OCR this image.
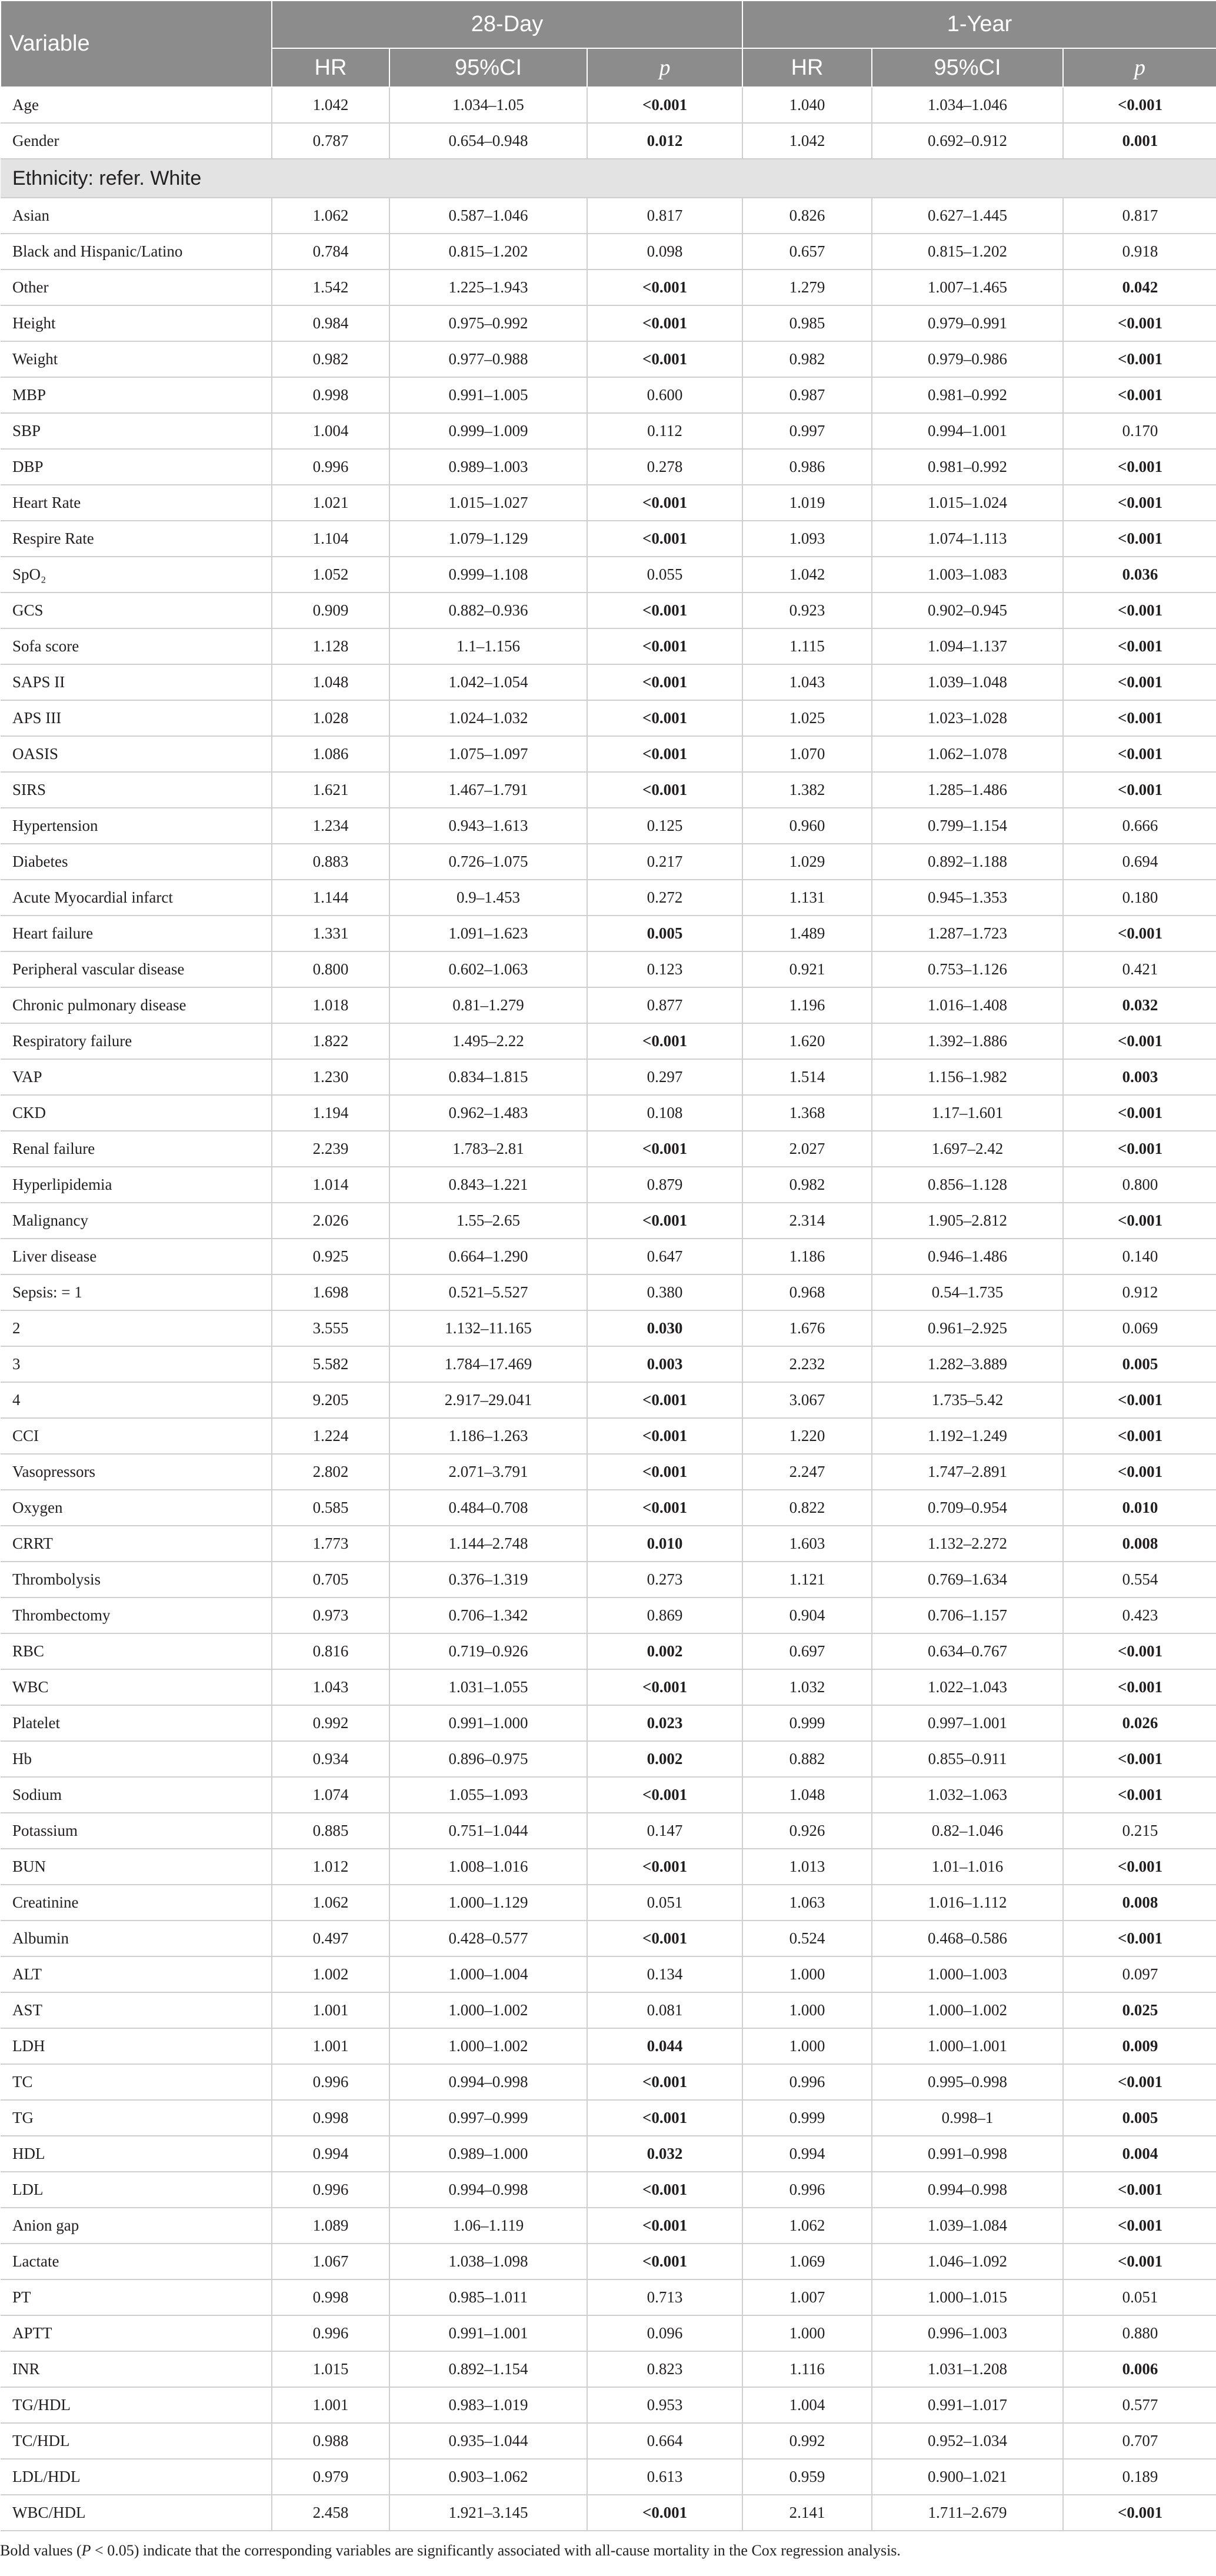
Variable	28-Day			1-Year		
	HR	95%CI	p	HR	95%CI	p
Age	1.042	1.034–1.05	<0.001	1.040	1.034–1.046	<0.001
Gender	0.787	0.654–0.948	0.012	1.042	0.692–0.912	0.001
Ethnicity: refer. White						
Asian	1.062	0.587–1.046	0.817	0.826	0.627–1.445	0.817
Black and Hispanic/Latino	0.784	0.815–1.202	0.098	0.657	0.815–1.202	0.918
Other	1.542	1.225–1.943	<0.001	1.279	1.007–1.465	0.042
Height	0.984	0.975–0.992	<0.001	0.985	0.979–0.991	<0.001
Weight	0.982	0.977–0.988	<0.001	0.982	0.979–0.986	<0.001
MBP	0.998	0.991–1.005	0.600	0.987	0.981–0.992	<0.001
SBP	1.004	0.999–1.009	0.112	0.997	0.994–1.001	0.170
DBP	0.996	0.989–1.003	0.278	0.986	0.981–0.992	<0.001
Heart Rate	1.021	1.015–1.027	<0.001	1.019	1.015–1.024	<0.001
Respire Rate	1.104	1.079–1.129	<0.001	1.093	1.074–1.113	<0.001
SpO₂	1.052	0.999–1.108	0.055	1.042	1.003–1.083	0.036
GCS	0.909	0.882–0.936	<0.001	0.923	0.902–0.945	<0.001
Sofa score	1.128	1.1–1.156	<0.001	1.115	1.094–1.137	<0.001
SAPS II	1.048	1.042–1.054	<0.001	1.043	1.039–1.048	<0.001
APS III	1.028	1.024–1.032	<0.001	1.025	1.023–1.028	<0.001
OASIS	1.086	1.075–1.097	<0.001	1.070	1.062–1.078	<0.001
SIRS	1.621	1.467–1.791	<0.001	1.382	1.285–1.486	<0.001
Hypertension	1.234	0.943–1.613	0.125	0.960	0.799–1.154	0.666
Diabetes	0.883	0.726–1.075	0.217	1.029	0.892–1.188	0.694
Acute Myocardial infarct	1.144	0.9–1.453	0.272	1.131	0.945–1.353	0.180
Heart failure	1.331	1.091–1.623	0.005	1.489	1.287–1.723	<0.001
Peripheral vascular disease	0.800	0.602–1.063	0.123	0.921	0.753–1.126	0.421
Chronic pulmonary disease	1.018	0.81–1.279	0.877	1.196	1.016–1.408	0.032
Respiratory failure	1.822	1.495–2.22	<0.001	1.620	1.392–1.886	<0.001
VAP	1.230	0.834–1.815	0.297	1.514	1.156–1.982	0.003
CKD	1.194	0.962–1.483	0.108	1.368	1.17–1.601	<0.001
Renal failure	2.239	1.783–2.81	<0.001	2.027	1.697–2.42	<0.001
Hyperlipidemia	1.014	0.843–1.221	0.879	0.982	0.856–1.128	0.800
Malignancy	2.026	1.55–2.65	<0.001	2.314	1.905–2.812	<0.001
Liver disease	0.925	0.664–1.290	0.647	1.186	0.946–1.486	0.140
Sepsis: = 1	1.698	0.521–5.527	0.380	0.968	0.54–1.735	0.912
2	3.555	1.132–11.165	0.030	1.676	0.961–2.925	0.069
3	5.582	1.784–17.469	0.003	2.232	1.282–3.889	0.005
4	9.205	2.917–29.041	<0.001	3.067	1.735–5.42	<0.001
CCI	1.224	1.186–1.263	<0.001	1.220	1.192–1.249	<0.001
Vasopressors	2.802	2.071–3.791	<0.001	2.247	1.747–2.891	<0.001
Oxygen	0.585	0.484–0.708	<0.001	0.822	0.709–0.954	0.010
CRRT	1.773	1.144–2.748	0.010	1.603	1.132–2.272	0.008
Thrombolysis	0.705	0.376–1.319	0.273	1.121	0.769–1.634	0.554
Thrombectomy	0.973	0.706–1.342	0.869	0.904	0.706–1.157	0.423
RBC	0.816	0.719–0.926	0.002	0.697	0.634–0.767	<0.001
WBC	1.043	1.031–1.055	<0.001	1.032	1.022–1.043	<0.001
Platelet	0.992	0.991–1.000	0.023	0.999	0.997–1.001	0.026
Hb	0.934	0.896–0.975	0.002	0.882	0.855–0.911	<0.001
Sodium	1.074	1.055–1.093	<0.001	1.048	1.032–1.063	<0.001
Potassium	0.885	0.751–1.044	0.147	0.926	0.82–1.046	0.215
BUN	1.012	1.008–1.016	<0.001	1.013	1.01–1.016	<0.001
Creatinine	1.062	1.000–1.129	0.051	1.063	1.016–1.112	0.008
Albumin	0.497	0.428–0.577	<0.001	0.524	0.468–0.586	<0.001
ALT	1.002	1.000–1.004	0.134	1.000	1.000–1.003	0.097
AST	1.001	1.000–1.002	0.081	1.000	1.000–1.002	0.025
LDH	1.001	1.000–1.002	0.044	1.000	1.000–1.001	0.009
TC	0.996	0.994–0.998	<0.001	0.996	0.995–0.998	<0.001
TG	0.998	0.997–0.999	<0.001	0.999	0.998–1	0.005
HDL	0.994	0.989–1.000	0.032	0.994	0.991–0.998	0.004
LDL	0.996	0.994–0.998	<0.001	0.996	0.994–0.998	<0.001
Anion gap	1.089	1.06–1.119	<0.001	1.062	1.039–1.084	<0.001
Lactate	1.067	1.038–1.098	<0.001	1.069	1.046–1.092	<0.001
PT	0.998	0.985–1.011	0.713	1.007	1.000–1.015	0.051
APTT	0.996	0.991–1.001	0.096	1.000	0.996–1.003	0.880
INR	1.015	0.892–1.154	0.823	1.116	1.031–1.208	0.006
TG/HDL	1.001	0.983–1.019	0.953	1.004	0.991–1.017	0.577
TC/HDL	0.988	0.935–1.044	0.664	0.992	0.952–1.034	0.707
LDL/HDL	0.979	0.903–1.062	0.613	0.959	0.900–1.021	0.189
WBC/HDL	2.458	1.921–3.145	<0.001	2.141	1.711–2.679	<0.001
Bold values (P < 0.05) indicate that the corresponding variables are significantly associated with all-cause mortality in the Cox regression analysis.
